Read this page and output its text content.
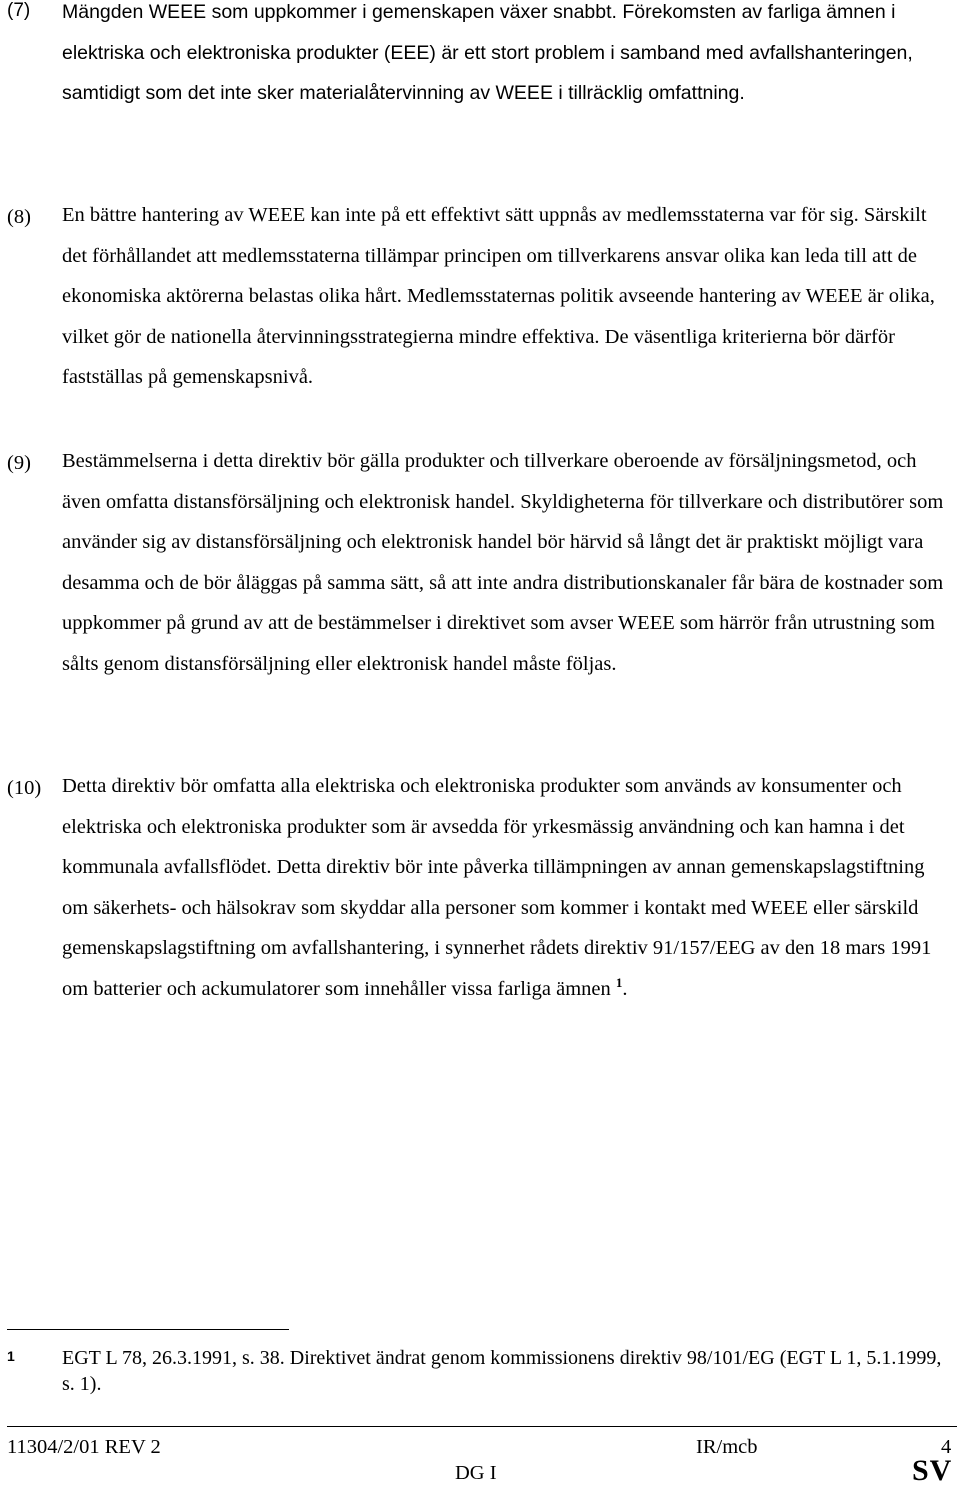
(7) Mängden WEEE som uppkommer i gemenskapen växer snabbt. Förekomsten av farliga ämnen i elektriska och elektroniska produkter (EEE) är ett stort problem i samband med avfallshanteringen, samtidigt som det inte sker materialåtervinning av WEEE i tillräcklig omfattning.

(8) En bättre hantering av WEEE kan inte på ett effektivt sätt uppnås av medlemsstaterna var för sig. Särskilt det förhållandet att medlemsstaterna tillämpar principen om tillverkarens ansvar olika kan leda till att de ekonomiska aktörerna belastas olika hårt. Medlemsstaternas politik avseende hantering av WEEE är olika, vilket gör de nationella återvinningsstrategierna mindre effektiva. De väsentliga kriterierna bör därför fastställas på gemenskapsnivå.

(9) Bestämmelserna i detta direktiv bör gälla produkter och tillverkare oberoende av försäljningsmetod, och även omfatta distansförsäljning och elektronisk handel. Skyldigheterna för tillverkare och distributörer som använder sig av distansförsäljning och elektronisk handel bör härvid så långt det är praktiskt möjligt vara desamma och de bör åläggas på samma sätt, så att inte andra distributionskanaler får bära de kostnader som uppkommer på grund av att de bestämmelser i direktivet som avser WEEE som härrör från utrustning som sålts genom distansförsäljning eller elektronisk handel måste följas.

(10) Detta direktiv bör omfatta alla elektriska och elektroniska produkter som används av konsumenter och elektriska och elektroniska produkter som är avsedda för yrkesmässig användning och kan hamna i det kommunala avfallsflödet. Detta direktiv bör inte påverka tillämpningen av annan gemenskapslagstiftning om säkerhets- och hälsokrav som skyddar alla personer som kommer i kontakt med WEEE eller särskild gemenskapslagstiftning om avfallshantering, i synnerhet rådets direktiv 91/157/EEG av den 18 mars 1991 om batterier och ackumulatorer som innehåller vissa farliga ämnen $^1$.

1 EGT L 78, 26.3.1991, s. 38. Direktivet ändrat genom kommissionens direktiv 98/101/EG (EGT L 1, 5.1.1999, s. 1).
11304/2/01 REV 2	IR/mcb	4
DG I	SV
